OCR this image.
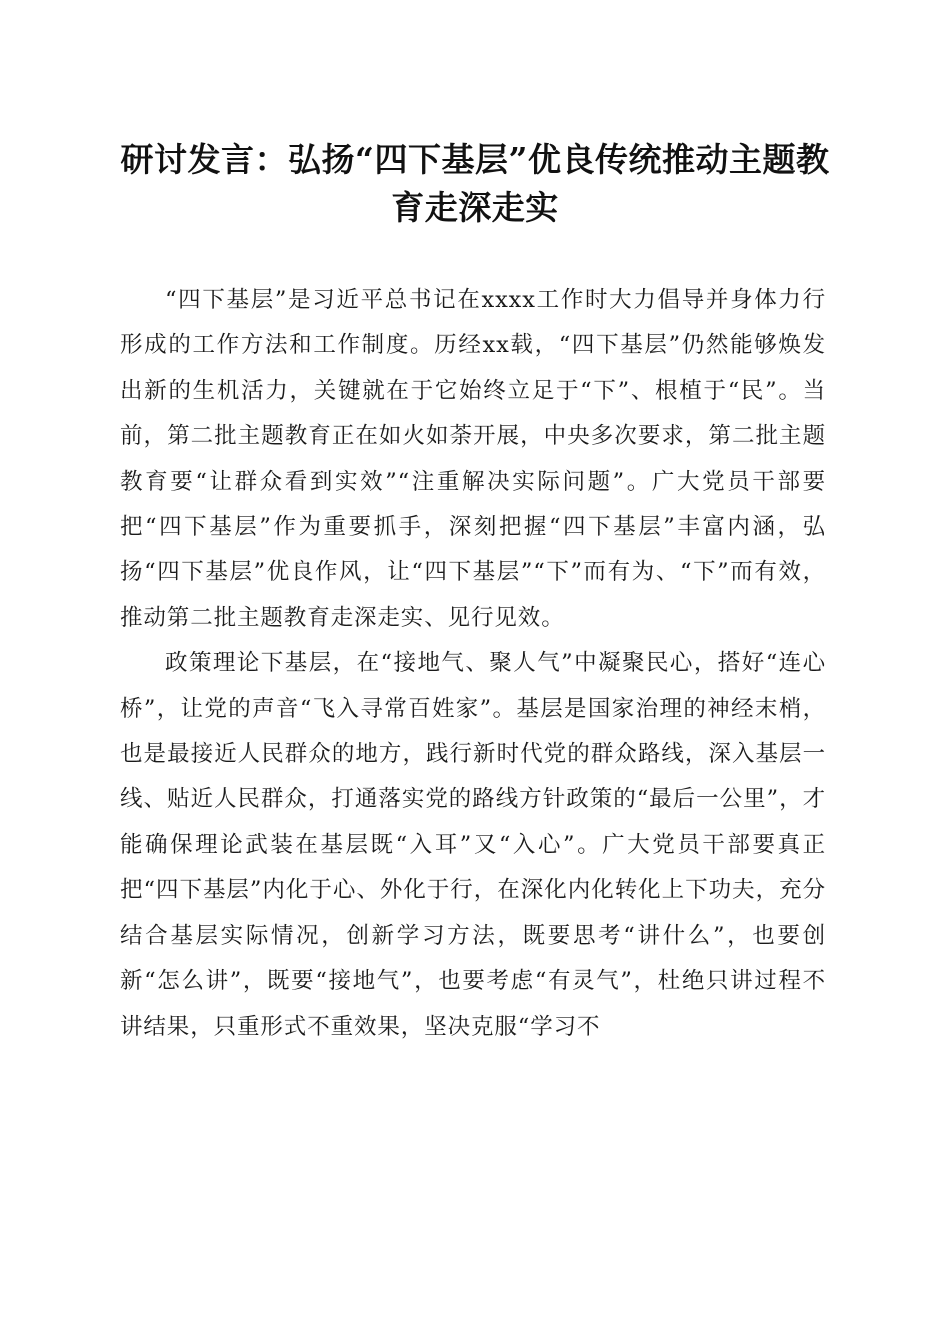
研讨发言：弘扬“四下基层”优良传统推动主题教育走深走实

“四下基层”是习近平总书记在xxxx工作时大力倡导并身体力行形成的工作方法和工作制度。历经xx载，“四下基层”仍然能够焕发出新的生机活力，关键就在于它始终立足于“下”、根植于“民”。当前，第二批主题教育正在如火如荼开展，中央多次要求，第二批主题教育要“让群众看到实效”“注重解决实际问题”。广大党员干部要把“四下基层”作为重要抓手，深刻把握“四下基层”丰富内涵，弘扬“四下基层”优良作风，让“四下基层”“下”而有为、“下”而有效，推动第二批主题教育走深走实、见行见效。

政策理论下基层，在“接地气、聚人气”中凝聚民心，搭好“连心桥”，让党的声音“飞入寻常百姓家”。基层是国家治理的神经末梢，也是最接近人民群众的地方，践行新时代党的群众路线，深入基层一线、贴近人民群众，打通落实党的路线方针政策的“最后一公里”，才能确保理论武装在基层既“入耳”又“入心”。广大党员干部要真正把“四下基层”内化于心、外化于行，在深化内化转化上下功夫，充分结合基层实际情况，创新学习方法，既要思考“讲什么”，也要创新“怎么讲”，既要“接地气”，也要考虑“有灵气”，杜绝只讲过程不讲结果，只重形式不重效果，坚决克服“学习不
